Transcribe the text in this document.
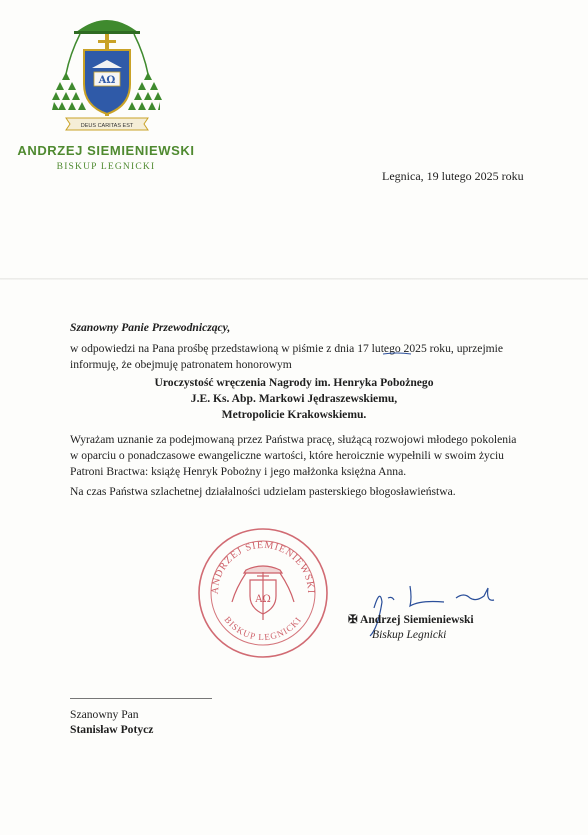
AΩ
DEUS CARITAS EST
ANDRZEJ SIEMIENIEWSKI
BISKUP LEGNICKI
Legnica, 19 lutego 2025 roku
Szanowny Panie Przewodniczący,
w odpowiedzi na Pana prośbę przedstawioną w piśmie z dnia 17 lutego 2025 roku, uprzejmie informuję, że obejmuję patronatem honorowym
Uroczystość wręczenia Nagrody im. Henryka Pobożnego
J.E. Ks. Abp. Markowi Jędraszewskiemu,
Metropolicie Krakowskiemu.
Wyrażam uznanie za podejmowaną przez Państwa pracę, służącą rozwojowi młodego pokolenia w oparciu o ponadczasowe ewangeliczne wartości, które heroicznie wypełnili w swoim życiu Patroni Bractwa: książę Henryk Pobożny i jego małżonka księżna Anna.
Na czas Państwa szlachetnej działalności udzielam pasterskiego błogosławieństwa.
ANDRZEJ SIEMIENIEWSKI
BISKUP LEGNICKI
AΩ
✠ Andrzej Siemieniewski
Biskup Legnicki
Szanowny Pan
Stanisław Potycz
